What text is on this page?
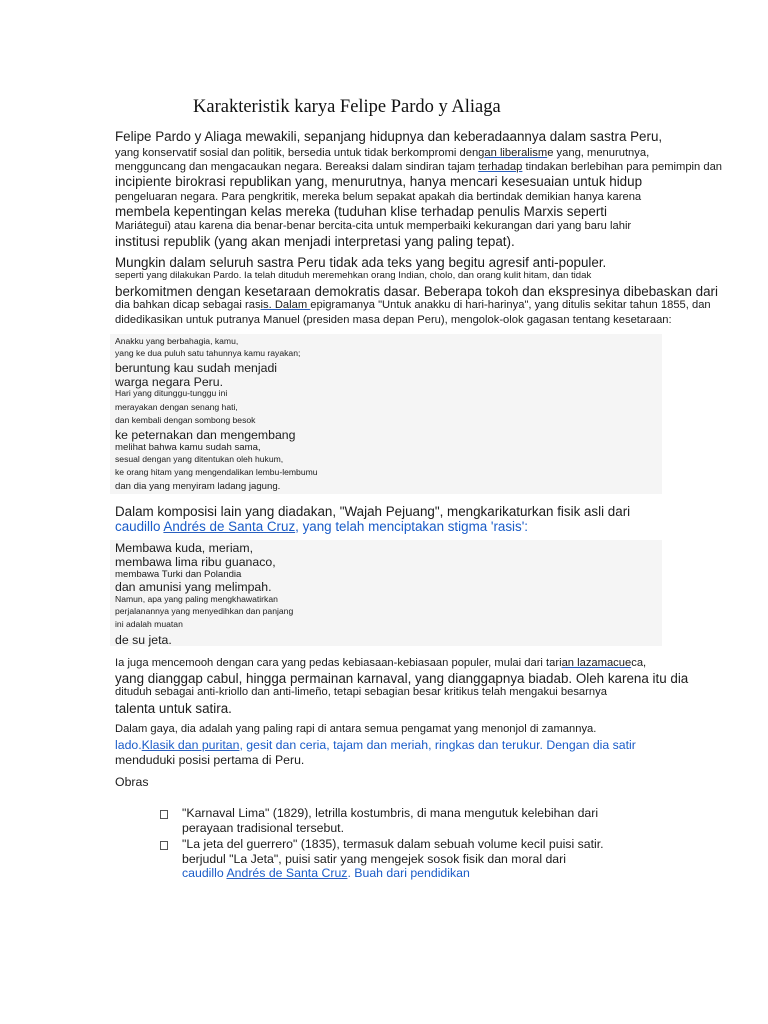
Karakteristik karya Felipe Pardo y Aliaga
Felipe Pardo y Aliaga mewakili, sepanjang hidupnya dan keberadaannya dalam sastra Peru,
yang konservatif sosial dan politik, bersedia untuk tidak berkompromi dengan liberalisme yang, menurutnya,
mengguncang dan mengacaukan negara. Bereaksi dalam sindiran tajam terhadap tindakan berlebihan para pemimpin dan
incipiente birokrasi republikan yang, menurutnya, hanya mencari kesesuaian untuk hidup
pengeluaran negara. Para pengkritik, mereka belum sepakat apakah dia bertindak demikian hanya karena
membela kepentingan kelas mereka (tuduhan klise terhadap penulis Marxis seperti
Mariátegui) atau karena dia benar-benar bercita-cita untuk memperbaiki kekurangan dari yang baru lahir
institusi republik (yang akan menjadi interpretasi yang paling tepat).
Mungkin dalam seluruh sastra Peru tidak ada teks yang begitu agresif anti-populer.
seperti yang dilakukan Pardo. Ia telah dituduh meremehkan orang Indian, cholo, dan orang kulit hitam, dan tidak
berkomitmen dengan kesetaraan demokratis dasar. Beberapa tokoh dan ekspresinya dibebaskan dari
dia bahkan dicap sebagai rasis. Dalam epigramanya "Untuk anakku di hari-harinya", yang ditulis sekitar tahun 1855, dan
didedikasikan untuk putranya Manuel (presiden masa depan Peru), mengolok-olok gagasan tentang kesetaraan:
Anakku yang berbahagia, kamu,
yang ke dua puluh satu tahunnya kamu rayakan;
beruntung kau sudah menjadi
warga negara Peru.
Hari yang ditunggu-tunggu ini
merayakan dengan senang hati,
dan kembali dengan sombong besok
ke peternakan dan mengembang
melihat bahwa kamu sudah sama,
sesual dengan yang ditentukan oleh hukum,
ke orang hitam yang mengendalikan lembu-lembumu
dan dia yang menyiram ladang jagung.
Dalam komposisi lain yang diadakan, "Wajah Pejuang", mengkarikaturkan fisik asli dari
caudillo Andrés de Santa Cruz, yang telah menciptakan stigma 'rasis':
Membawa kuda, meriam,
membawa lima ribu guanaco,
membawa Turki dan Polandia
dan amunisi yang melimpah.
Namun, apa yang paling mengkhawatirkan
perjalanannya yang menyedihkan dan panjang
ini adalah muatan
de su jeta.
Ia juga mencemooh dengan cara yang pedas kebiasaan-kebiasaan populer, mulai dari tarian lazamacueca,
yang dianggap cabul, hingga permainan karnaval, yang dianggapnya biadab. Oleh karena itu dia
dituduh sebagai anti-kriollo dan anti-limeño, tetapi sebagian besar kritikus telah mengakui besarnya
talenta untuk satira.
Dalam gaya, dia adalah yang paling rapi di antara semua pengamat yang menonjol di zamannya.
lado.Klasik dan puritan, gesit dan ceria, tajam dan meriah, ringkas dan terukur. Dengan dia satir
menduduki posisi pertama di Peru.
Obras
"Karnaval Lima" (1829), letrilla kostumbris, di mana mengutuk kelebihan dari
perayaan tradisional tersebut.
"La jeta del guerrero" (1835), termasuk dalam sebuah volume kecil puisi satir.
berjudul "La Jeta", puisi satir yang mengejek sosok fisik dan moral dari
caudillo Andrés de Santa Cruz. Buah dari pendidikan
